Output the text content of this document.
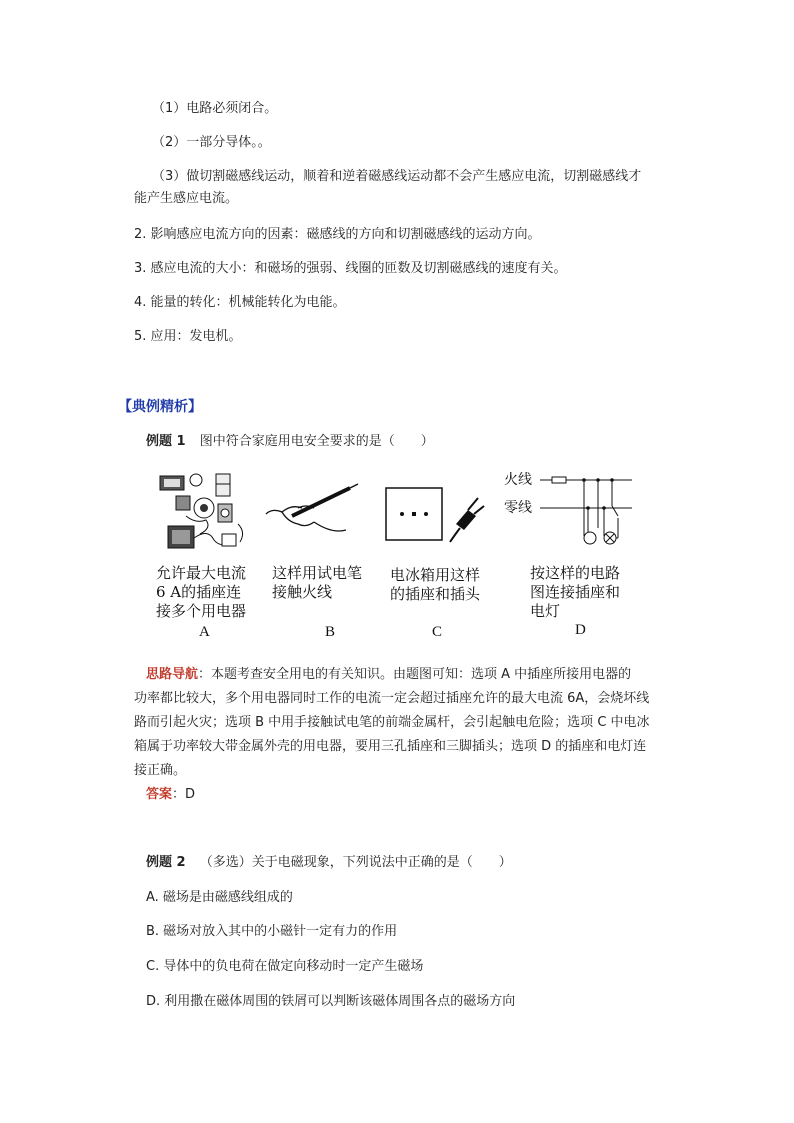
（1）电路必须闭合。
（2）一部分导体。。
（3）做切割磁感线运动，顺着和逆着磁感线运动都不会产生感应电流，切割磁感线才
能产生感应电流。
2. 影响感应电流方向的因素：磁感线的方向和切割磁感线的运动方向。
3. 感应电流的大小：和磁场的强弱、线圈的匝数及切割磁感线的速度有关。
4. 能量的转化：机械能转化为电能。
5. 应用：发电机。
【典例精析】
例题 1 图中符合家庭用电安全要求的是（　　）
火线
零线
允许最大电流
6 A的插座连
接多个用电器
这样用试电笔
接触火线
电冰箱用这样
的插座和插头
按这样的电路
图连接插座和
电灯
A	B	C	D
思路导航：本题考查安全用电的有关知识。由题图可知：选项 A 中插座所接用电器的
功率都比较大，多个用电器同时工作的电流一定会超过插座允许的最大电流 6A，会烧坏线
路而引起火灾；选项 B 中用手接触试电笔的前端金属杆，会引起触电危险；选项 C 中电冰
箱属于功率较大带金属外壳的用电器，要用三孔插座和三脚插头；选项 D 的插座和电灯连
接正确。
答案：D
例题 2 （多选）关于电磁现象，下列说法中正确的是（　　）
A. 磁场是由磁感线组成的
B. 磁场对放入其中的小磁针一定有力的作用
C. 导体中的负电荷在做定向移动时一定产生磁场
D. 利用撒在磁体周围的铁屑可以判断该磁体周围各点的磁场方向
